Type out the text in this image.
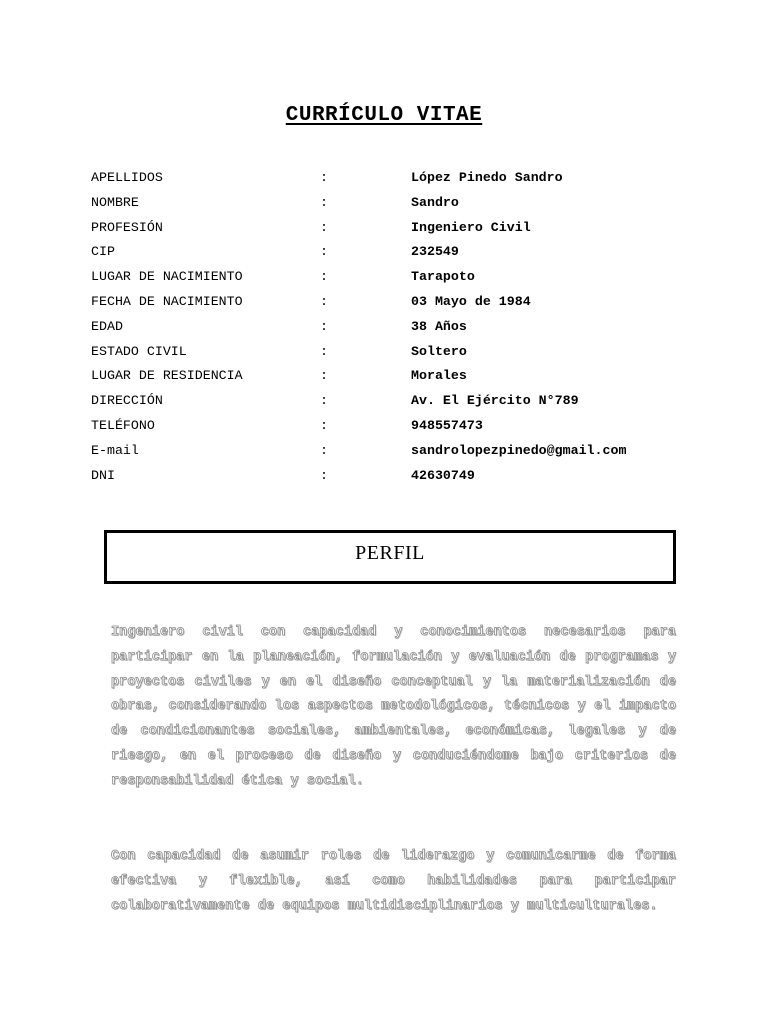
CURRÍCULO VITAE
APELLIDOS	:	López Pinedo Sandro
NOMBRE	:	Sandro
PROFESIÓN	:	Ingeniero Civil
CIP	:	232549
LUGAR DE NACIMIENTO	:	Tarapoto
FECHA DE NACIMIENTO	:	03 Mayo de 1984
EDAD	:	38 Años
ESTADO CIVIL	:	Soltero
LUGAR DE RESIDENCIA	:	Morales
DIRECCIÓN	:	Av. El Ejército N°789
TELÉFONO	:	948557473
E-mail	:	sandrolopezpinedo@gmail.com
DNI	:	42630749
PERFIL
Ingeniero civil con capacidad y conocimientos necesarios para participar en la planeación, formulación y evaluación de programas y proyectos civiles y en el diseño conceptual y la materialización de obras, considerando los aspectos metodológicos, técnicos y el impacto de condicionantes sociales, ambientales, económicas, legales y de riesgo, en el proceso de diseño y conduciéndome bajo criterios de responsabilidad ética y social.
Con capacidad de asumir roles de liderazgo y comunicarme de forma efectiva y flexible, así como habilidades para participar colaborativamente de equipos multidisciplinarios y multiculturales.
